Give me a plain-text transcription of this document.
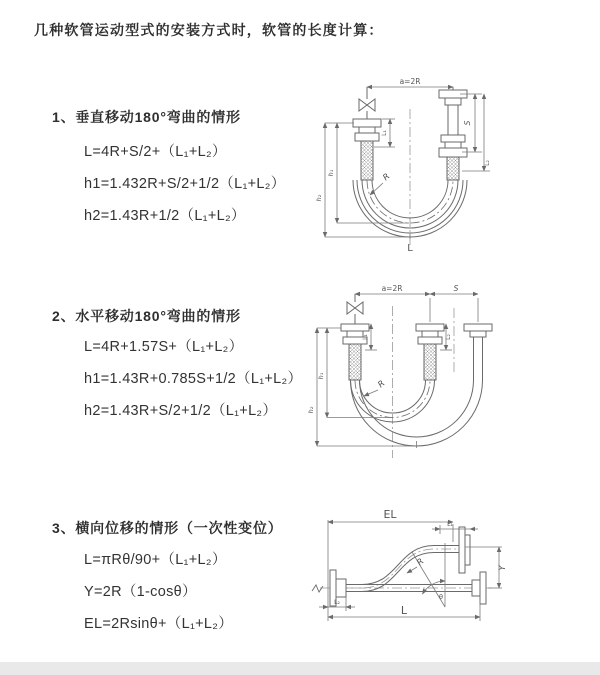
几种软管运动型式的安装方式时，软管的长度计算：
1、垂直移动180°弯曲的情形
L=4R+S/2+（L₁+L₂）
h1=1.432R+S/2+1/2（L₁+L₂）
h2=1.43R+1/2（L₁+L₂）
2、水平移动180°弯曲的情形
L=4R+1.57S+（L₁+L₂）
h1=1.43R+0.785S+1/2（L₁+L₂）
h2=1.43R+S/2+1/2（L₁+L₂）
3、横向位移的情形（一次性变位）
L=πRθ/90+（L₁+L₂）
Y=2R（1-cosθ）
EL=2Rsinθ+（L₁+L₂）
a=2R
S
L₂
L₁
h₁
h₂
R
L
a=2R	S
L₁	L₂
h₁
h₂
R
EL
L₁
L₂
Y
R
θ
L
